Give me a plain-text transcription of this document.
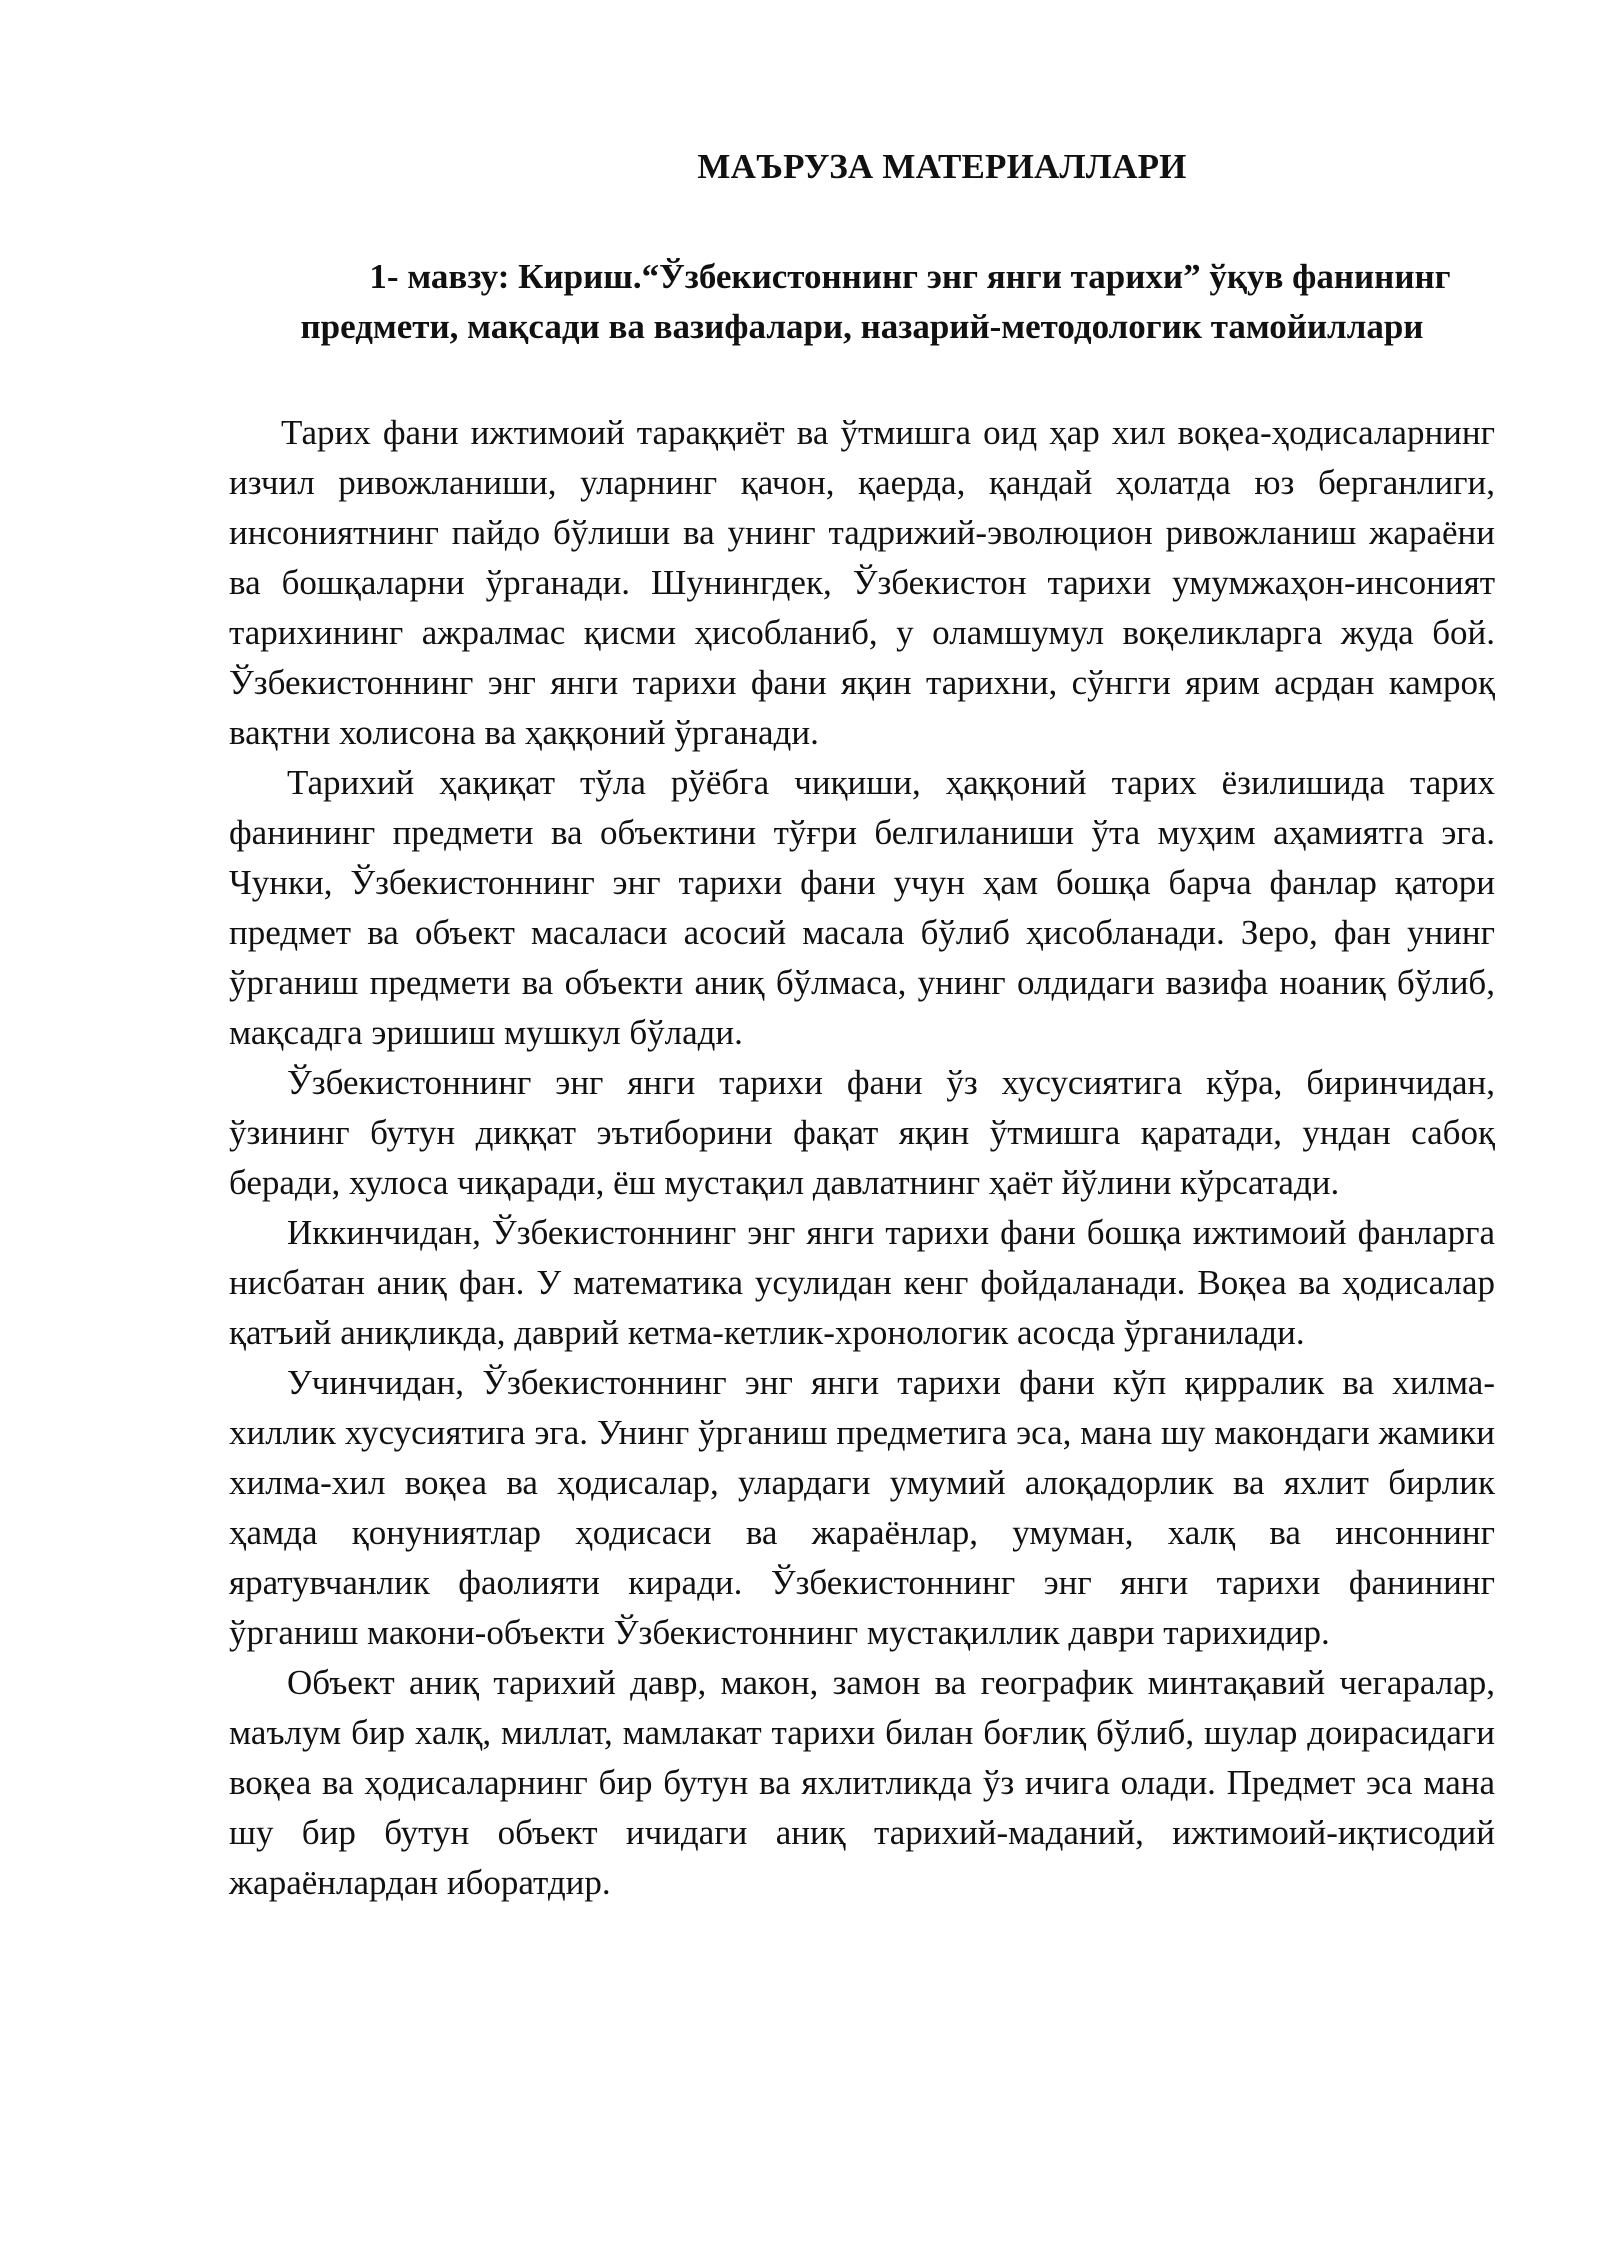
МАЪРУЗА МАТЕРИАЛЛАРИ
1- мавзу: Кириш.“Ўзбекистоннинг энг янги тарихи” ўқув фанининг
предмети, мақсади ва вазифалари, назарий-методологик тамойиллари

Тарих фани ижтимоий тараққиёт ва ўтмишга оид ҳар хил воқеа-ҳодисаларнинг изчил ривожланиши, уларнинг қачон, қаерда, қандай ҳолатда юз берганлиги, инсониятнинг пайдо бўлиши ва унинг тадрижий-эволюцион ривожланиш жараёни ва бошқаларни ўрганади. Шунингдек, Ўзбекистон тарихи умумжаҳон-инсоният тарихининг ажралмас қисми ҳисобланиб, у оламшумул воқеликларга жуда бой. Ўзбекистоннинг энг янги тарихи фани яқин тарихни, сўнгги ярим асрдан камроқ вақтни холисона ва ҳаққоний ўрганади.

Тарихий ҳақиқат тўла рўёбга чиқиши, ҳаққоний тарих ёзилишида тарих фанининг предмети ва объектини тўғри белгиланиши ўта муҳим аҳамиятга эга. Чунки, Ўзбекистоннинг энг тарихи фани учун ҳам бошқа барча фанлар қатори предмет ва объект масаласи асосий масала бўлиб ҳисобланади. Зеро, фан унинг ўрганиш предмети ва объекти аниқ бўлмаса, унинг олдидаги вазифа ноаниқ бўлиб, мақсадга эришиш мушкул бўлади.

Ўзбекистоннинг энг янги тарихи фани ўз хусусиятига кўра, биринчидан, ўзининг бутун диққат эътиборини фақат яқин ўтмишга қаратади, ундан сабоқ беради, хулоса чиқаради, ёш мустақил давлатнинг ҳаёт йўлини кўрсатади.

Иккинчидан, Ўзбекистоннинг энг янги тарихи фани бошқа ижтимоий фанларга нисбатан аниқ фан. У математика усулидан кенг фойдаланади. Воқеа ва ҳодисалар қатъий аниқликда, даврий кетма-кетлик-хронологик асосда ўрганилади.

Учинчидан, Ўзбекистоннинг энг янги тарихи фани кўп қирралик ва хилма-хиллик хусусиятига эга. Унинг ўрганиш предметига эса, мана шу макондаги жамики хилма-хил воқеа ва ҳодисалар, улардаги умумий алоқадорлик ва яхлит бирлик ҳамда қонуниятлар ҳодисаси ва жараёнлар, умуман, халқ ва инсоннинг яратувчанлик фаолияти киради. Ўзбекистоннинг энг янги тарихи фанининг ўрганиш макони-объекти Ўзбекистоннинг мустақиллик даври тарихидир.

Объект аниқ тарихий давр, макон, замон ва географик минтақавий чегаралар, маълум бир халқ, миллат, мамлакат тарихи билан боғлиқ бўлиб, шулар доирасидаги воқеа ва ҳодисаларнинг бир бутун ва яхлитликда ўз ичига олади. Предмет эса мана шу бир бутун объект ичидаги аниқ тарихий-маданий, ижтимоий-иқтисодий жараёнлардан иборатдир.
